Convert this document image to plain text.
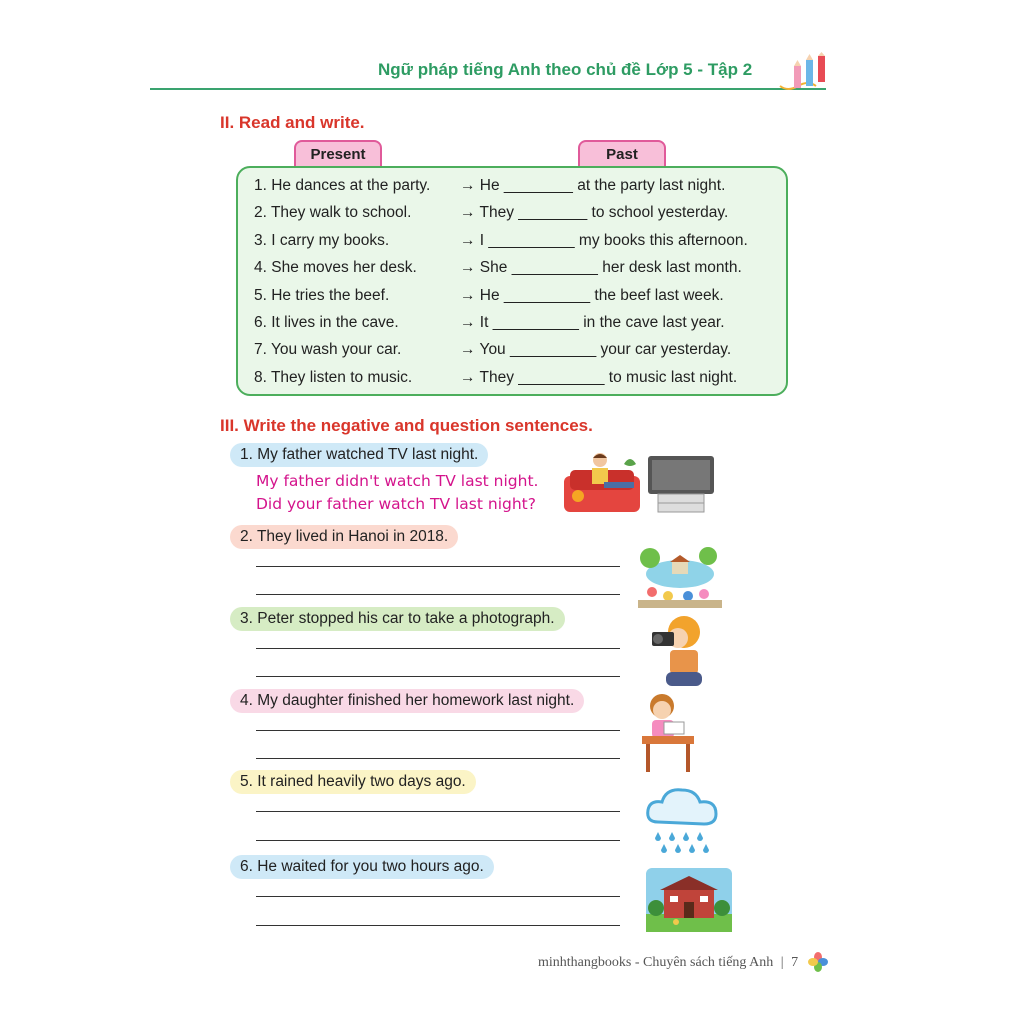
Ngữ pháp tiếng Anh theo chủ đề Lớp 5 - Tập 2
II. Read and write.
Present	Past
1. He dances at the party. → He ________ at the party last night.
2. They walk to school.	→ They ________ to school yesterday.
3. I carry my books.	→ I __________ my books this afternoon.
4. She moves her desk.	→ She __________ her desk last month.
5. He tries the beef.	→ He __________ the beef last week.
6. It lives in the cave.	→ It __________ in the cave last year.
7. You wash your car.	→ You __________ your car yesterday.
8. They listen to music.	→ They __________ to music last night.
III. Write the negative and question sentences.
1. My father watched TV last night.
My father didn't watch TV last night.
Did your father watch TV last night?
2. They lived in Hanoi in 2018.
3. Peter stopped his car to take a photograph.
4. My daughter finished her homework last night.
5. It rained heavily two days ago.
6. He waited for you two hours ago.
minhthangbooks - Chuyên sách tiếng Anh | 7
